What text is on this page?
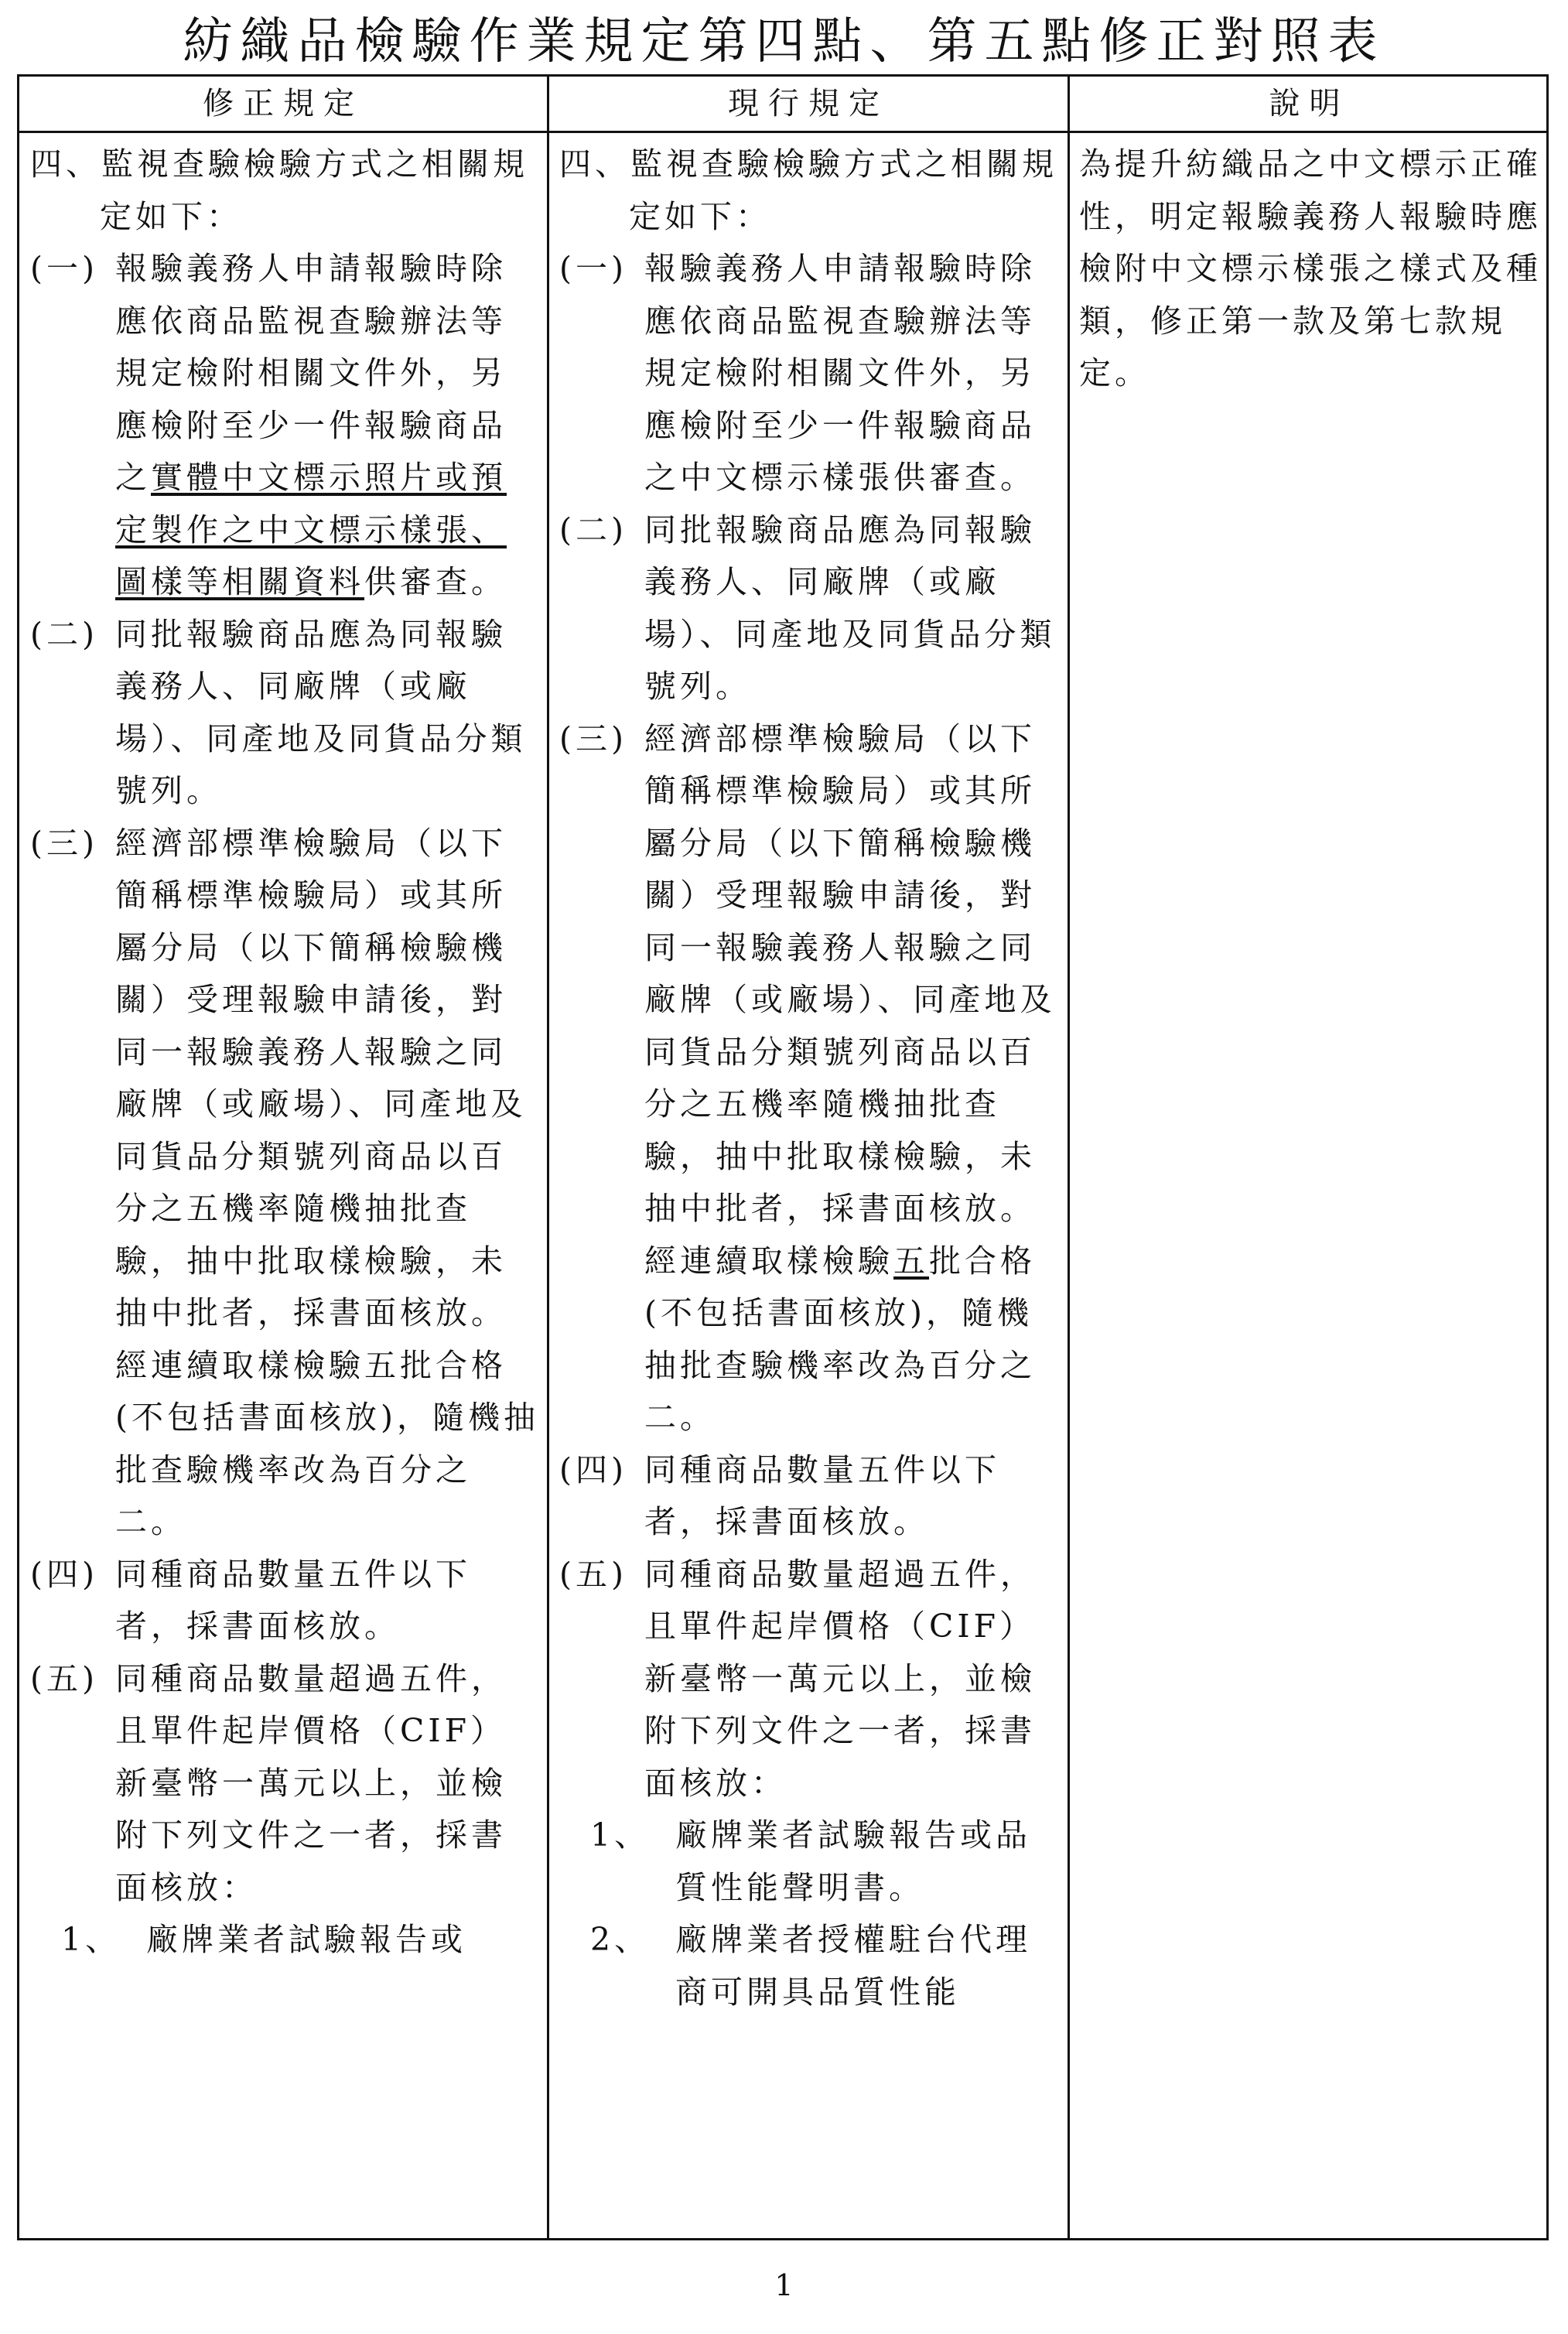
紡織品檢驗作業規定第四點、第五點修正對照表
修正規定	現行規定	說明

四、監視查驗檢驗方式之相關規定如下：

(一) 報驗義務人申請報驗時除應依商品監視查驗辦法等規定檢附相關文件外，另應檢附至少一件報驗商品之實體中文標示照片或預定製作之中文標示樣張、圖樣等相關資料供審查。

(二) 同批報驗商品應為同報驗義務人、同廠牌（或廠場）、同產地及同貨品分類號列。

(三) 經濟部標準檢驗局（以下簡稱標準檢驗局）或其所屬分局（以下簡稱檢驗機關）受理報驗申請後，對同一報驗義務人報驗之同廠牌（或廠場）、同產地及同貨品分類號列商品以百分之五機率隨機抽批查驗，抽中批取樣檢驗，未抽中批者，採書面核放。經連續取樣檢驗五批合格(不包括書面核放)，隨機抽批查驗機率改為百分之二。

(四) 同種商品數量五件以下者，採書面核放。

(五) 同種商品數量超過五件，且單件起岸價格（CIF）新臺幣一萬元以上，並檢附下列文件之一者，採書面核放：

1、 廠牌業者試驗報告或

四、監視查驗檢驗方式之相關規定如下：

(一) 報驗義務人申請報驗時除應依商品監視查驗辦法等規定檢附相關文件外，另應檢附至少一件報驗商品之中文標示樣張供審查。

(二) 同批報驗商品應為同報驗義務人、同廠牌（或廠場）、同產地及同貨品分類號列。

(三) 經濟部標準檢驗局（以下簡稱標準檢驗局）或其所屬分局（以下簡稱檢驗機關）受理報驗申請後，對同一報驗義務人報驗之同廠牌（或廠場）、同產地及同貨品分類號列商品以百分之五機率隨機抽批查驗，抽中批取樣檢驗，未抽中批者，採書面核放。經連續取樣檢驗五批合格(不包括書面核放)，隨機抽批查驗機率改為百分之二。

(四) 同種商品數量五件以下者，採書面核放。

(五) 同種商品數量超過五件，且單件起岸價格（CIF）新臺幣一萬元以上，並檢附下列文件之一者，採書面核放：

1、 廠牌業者試驗報告或品質性能聲明書。

2、 廠牌業者授權駐台代理商可開具品質性能

為提升紡織品之中文標示正確性，明定報驗義務人報驗時應檢附中文標示樣張之樣式及種類，修正第一款及第七款規定。

1
